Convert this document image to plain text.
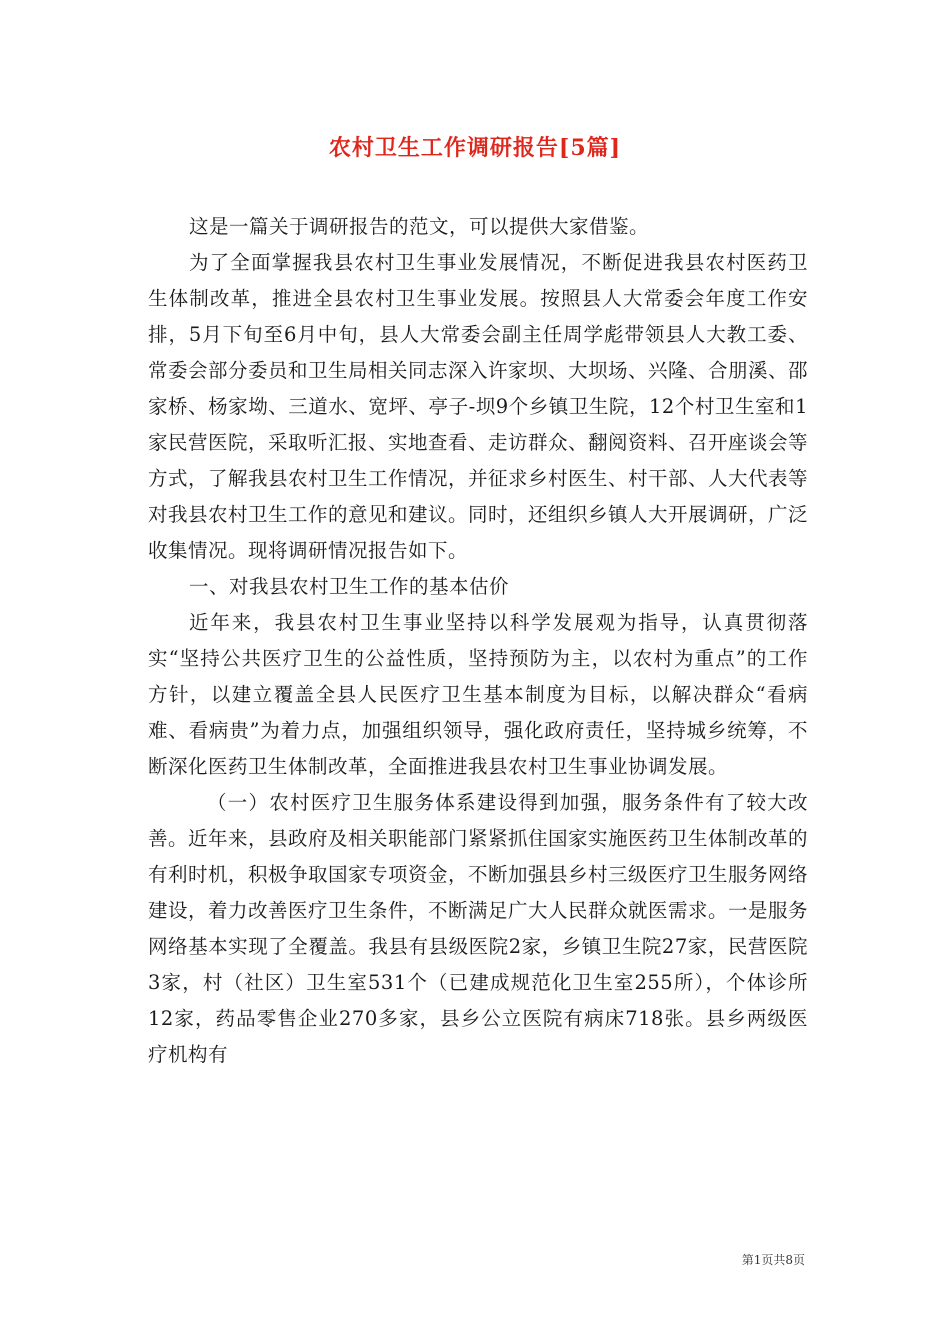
农村卫生工作调研报告[5篇]

这是一篇关于调研报告的范文，可以提供大家借鉴。

为了全面掌握我县农村卫生事业发展情况，不断促进我县农村医药卫生体制改革，推进全县农村卫生事业发展。按照县人大常委会年度工作安排，5月下旬至6月中旬，县人大常委会副主任周学彪带领县人大教工委、常委会部分委员和卫生局相关同志深入许家坝、大坝场、兴隆、合朋溪、邵家桥、杨家坳、三道水、宽坪、亭子-坝9个乡镇卫生院，12个村卫生室和1家民营医院，采取听汇报、实地查看、走访群众、翻阅资料、召开座谈会等方式，了解我县农村卫生工作情况，并征求乡村医生、村干部、人大代表等对我县农村卫生工作的意见和建议。同时，还组织乡镇人大开展调研，广泛收集情况。现将调研情况报告如下。

一、对我县农村卫生工作的基本估价

近年来，我县农村卫生事业坚持以科学发展观为指导，认真贯彻落实“坚持公共医疗卫生的公益性质，坚持预防为主，以农村为重点”的工作方针，以建立覆盖全县人民医疗卫生基本制度为目标，以解决群众“看病难、看病贵”为着力点，加强组织领导，强化政府责任，坚持城乡统筹，不断深化医药卫生体制改革，全面推进我县农村卫生事业协调发展。

（一）农村医疗卫生服务体系建设得到加强，服务条件有了较大改善。近年来，县政府及相关职能部门紧紧抓住国家实施医药卫生体制改革的有利时机，积极争取国家专项资金，不断加强县乡村三级医疗卫生服务网络建设，着力改善医疗卫生条件，不断满足广大人民群众就医需求。一是服务网络基本实现了全覆盖。我县有县级医院2家，乡镇卫生院27家，民营医院3家，村（社区）卫生室531个（已建成规范化卫生室255所），个体诊所12家，药品零售企业270多家，县乡公立医院有病床718张。县乡两级医疗机构有

第1页共8页
